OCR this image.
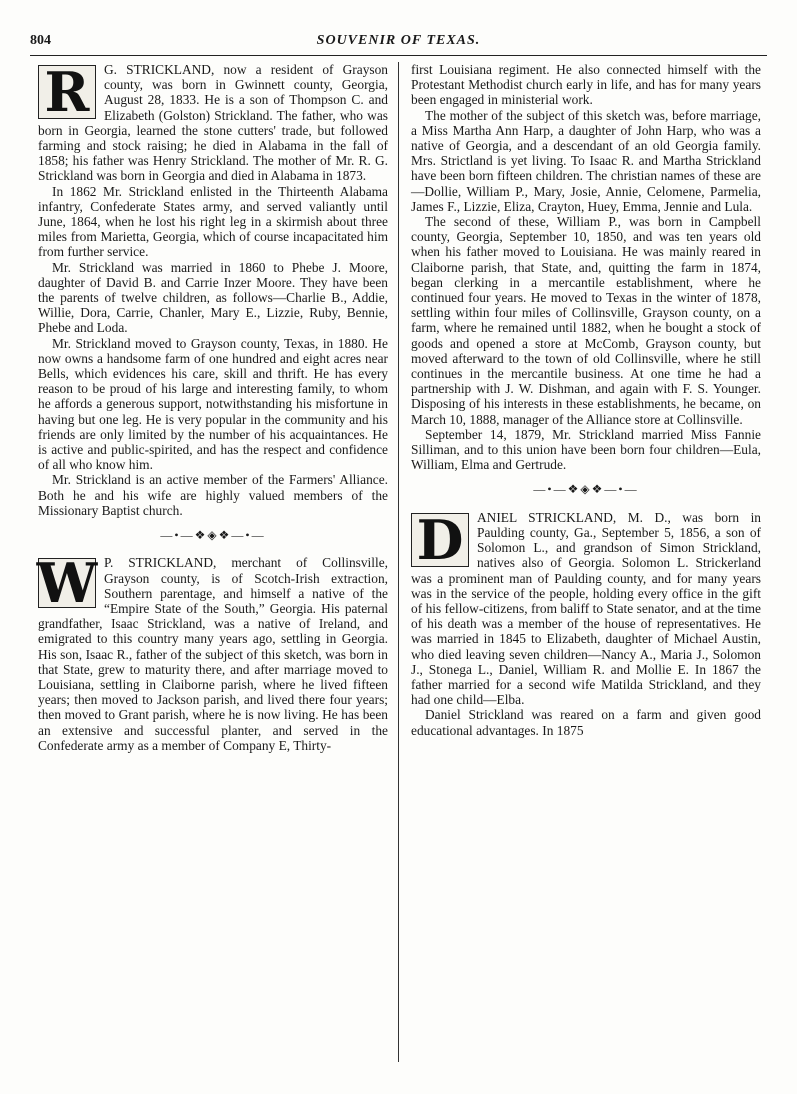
804	SOUVENIR OF TEXAS.
R	G. STRICKLAND, now a resident of Grayson county, was born in Gwinnett county, Georgia, August 28, 1833. He is a son of Thompson C. and Elizabeth (Golston) Strickland. The father, who was born in Georgia, learned the stone cutters' trade, but followed farming and stock raising; he died in Alabama in the fall of 1858; his father was Henry Strickland. The mother of Mr. R. G. Strickland was born in Georgia and died in Alabama in 1873.

In 1862 Mr. Strickland enlisted in the Thirteenth Alabama infantry, Confederate States army, and served valiantly until June, 1864, when he lost his right leg in a skirmish about three miles from Marietta, Georgia, which of course incapacitated him from further service.

Mr. Strickland was married in 1860 to Phebe J. Moore, daughter of David B. and Carrie Inzer Moore. They have been the parents of twelve children, as follows—Charlie B., Addie, Willie, Dora, Carrie, Chanler, Mary E., Lizzie, Ruby, Bennie, Phebe and Loda.

Mr. Strickland moved to Grayson county, Texas, in 1880. He now owns a handsome farm of one hundred and eight acres near Bells, which evidences his care, skill and thrift. He has every reason to be proud of his large and interesting family, to whom he affords a generous support, notwithstanding his misfortune in having but one leg. He is very popular in the community and his friends are only limited by the number of his acquaintances. He is active and public-spirited, and has the respect and confidence of all who know him.

Mr. Strickland is an active member of the Farmers' Alliance. Both he and his wife are highly valued members of the Missionary Baptist church.

—•—❖◈❖—•—
W P. STRICKLAND, merchant of Collinsville, Grayson county, is of Scotch-Irish extraction, Southern parentage, and himself a native of the “Empire State of the South,” Georgia. His paternal grandfather, Isaac Strickland, was a native of Ireland, and emigrated to this country many years ago, settling in Georgia. His son, Isaac R., father of the subject of this sketch, was born in that State, grew to maturity there, and after marriage moved to Louisiana, settling in Claiborne parish, where he lived fifteen years; then moved to Jackson parish, and lived there four years; then moved to Grant parish, where he is now living. He has been an extensive and successful planter, and served in the Confederate army as a member of Company E, Thirty-

first Louisiana regiment. He also connected himself with the Protestant Methodist church early in life, and has for many years been engaged in ministerial work.

The mother of the subject of this sketch was, before marriage, a Miss Martha Ann Harp, a daughter of John Harp, who was a native of Georgia, and a descendant of an old Georgia family. Mrs. Strictland is yet living. To Isaac R. and Martha Strickland have been born fifteen children. The christian names of these are—Dollie, William P., Mary, Josie, Annie, Celomene, Parmelia, James F., Lizzie, Eliza, Crayton, Huey, Emma, Jennie and Lula.

The second of these, William P., was born in Campbell county, Georgia, September 10, 1850, and was ten years old when his father moved to Louisiana. He was mainly reared in Claiborne parish, that State, and, quitting the farm in 1874, began clerking in a mercantile establishment, where he continued four years. He moved to Texas in the winter of 1878, settling within four miles of Collinsville, Grayson county, on a farm, where he remained until 1882, when he bought a stock of goods and opened a store at McComb, Grayson county, but moved afterward to the town of old Collinsville, where he still continues in the mercantile business. At one time he had a partnership with J. W. Dishman, and again with F. S. Younger. Disposing of his interests in these establishments, he became, on March 10, 1888, manager of the Alliance store at Collinsville.

September 14, 1879, Mr. Strickland married Miss Fannie Silliman, and to this union have been born four children—Eula, William, Elma and Gertrude.

—•—❖◈❖—•—
D	ANIEL STRICKLAND, M. D., was born in Paulding county, Ga., September 5, 1856, a son of Solomon L., and grandson of Simon Strickland, natives also of Georgia. Solomon L. Strickerland was a prominent man of Paulding county, and for many years was in the service of the people, holding every office in the gift of his fellow-citizens, from baliff to State senator, and at the time of his death was a member of the house of representatives. He was married in 1845 to Elizabeth, daughter of Michael Austin, who died leaving seven children—Nancy A., Maria J., Solomon J., Stonega L., Daniel, William R. and Mollie E. In 1867 the father married for a second wife Matilda Strickland, and they had one child—Elba.

Daniel Strickland was reared on a farm and given good educational advantages. In 1875
